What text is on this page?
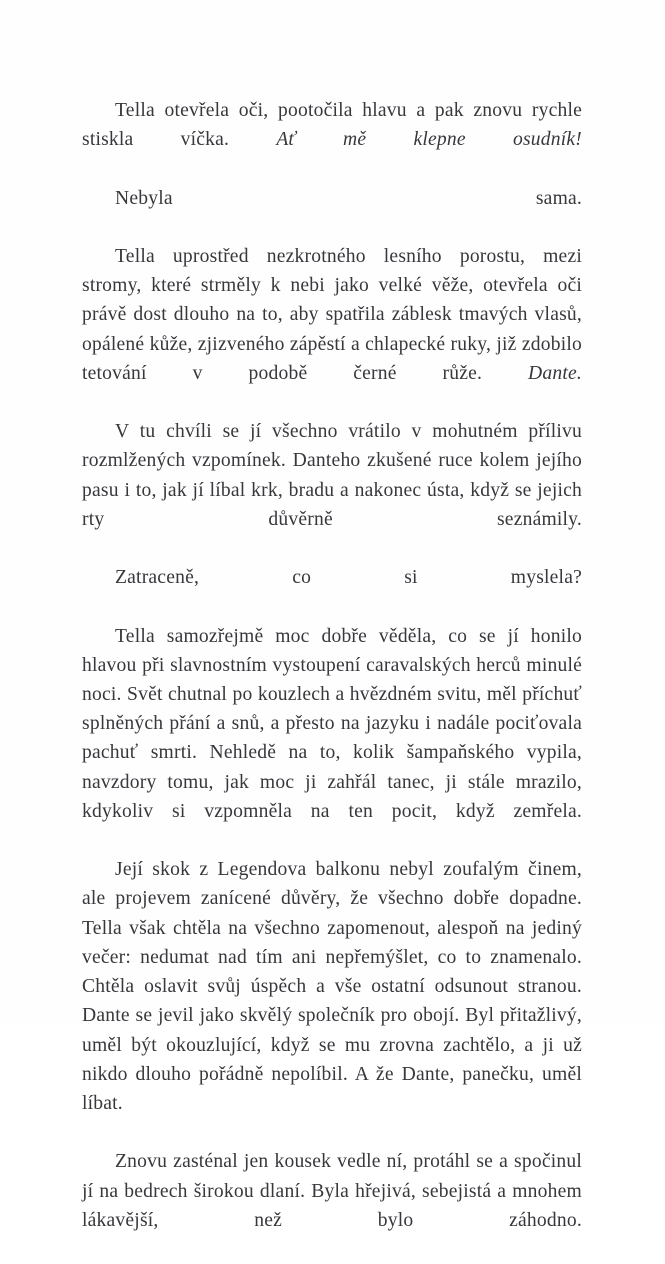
Tella otevřela oči, pootočila hlavu a pak znovu rychle stiskla víčka. Ať mě klepne osudník!

Nebyla sama.

Tella uprostřed nezkrotného lesního porostu, mezi stromy, které strměly k nebi jako velké věže, otevřela oči právě dost dlouho na to, aby spatřila záblesk tmavých vlasů, opálené kůže, zjizveného zápěstí a chlapecké ruky, již zdobilo tetování v podobě černé růže. Dante.

V tu chvíli se jí všechno vrátilo v mohutném přílivu rozmlžených vzpomínek. Danteho zkušené ruce kolem jejího pasu i to, jak jí líbal krk, bradu a nakonec ústa, když se jejich rty důvěrně seznámily.

Zatraceně, co si myslela?

Tella samozřejmě moc dobře věděla, co se jí honilo hlavou při slavnostním vystoupení caravalských herců minulé noci. Svět chutnal po kouzlech a hvězdném svitu, měl příchuť splněných přání a snů, a přesto na jazyku i nadále pociťovala pachuť smrti. Nehledě na to, kolik šampaňského vypila, navzdory tomu, jak moc ji zahřál tanec, ji stále mrazilo, kdykoliv si vzpomněla na ten pocit, když zemřela.

Její skok z Legendova balkonu nebyl zoufalým činem, ale projevem zanícené důvěry, že všechno dobře dopadne. Tella však chtěla na všechno zapomenout, alespoň na jediný večer: nedumat nad tím ani nepřemýšlet, co to znamenalo. Chtěla oslavit svůj úspěch a vše ostatní odsunout stranou. Dante se jevil jako skvělý společník pro obojí. Byl přitažlivý, uměl být okouzlující, když se mu zrovna zachtělo, a ji už nikdo dlouho pořádně nepolíbil. A že Dante, panečku, uměl líbat.

Znovu zasténal jen kousek vedle ní, protáhl se a spočinul jí na bedrech širokou dlaní. Byla hřejivá, sebejistá a mnohem lákavější, než bylo záhodno.
